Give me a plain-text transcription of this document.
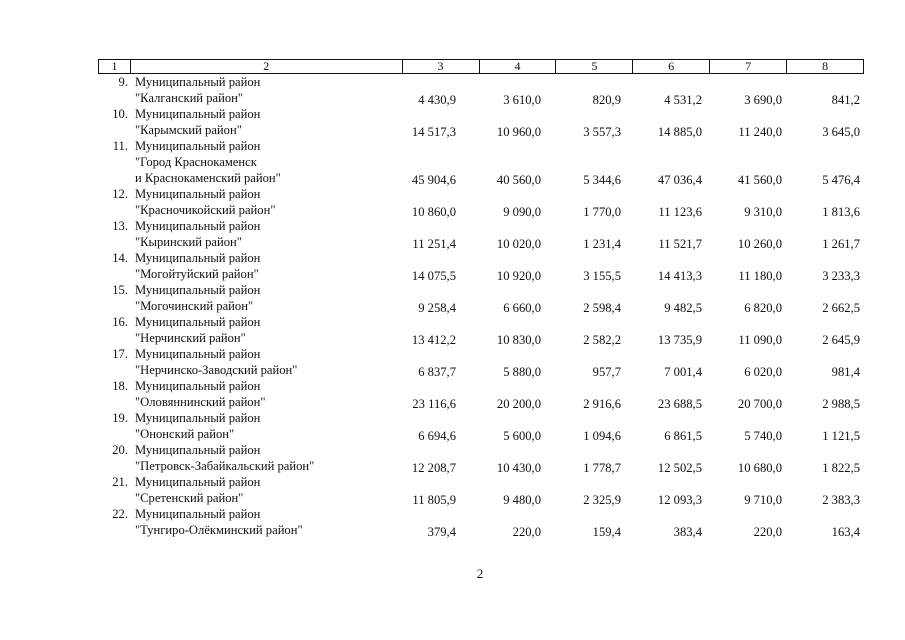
1	2	3	4	5	6	7	8
9. Муниципальный район
"Калганский район"	4 430,9	3 610,0	820,9	4 531,2	3 690,0	841,2
10. Муниципальный район
"Карымский район"	14 517,3	10 960,0	3 557,3	14 885,0	11 240,0	3 645,0
11. Муниципальный район
"Город Краснокаменск
и Краснокаменский район"	45 904,6	40 560,0	5 344,6	47 036,4	41 560,0	5 476,4
12. Муниципальный район
"Красночикойский район"	10 860,0	9 090,0	1 770,0	11 123,6	9 310,0	1 813,6
13. Муниципальный район
"Кыринский район"	11 251,4	10 020,0	1 231,4	11 521,7	10 260,0	1 261,7
14. Муниципальный район
"Могойтуйский район"	14 075,5	10 920,0	3 155,5	14 413,3	11 180,0	3 233,3
15. Муниципальный район
"Могочинский район"	9 258,4	6 660,0	2 598,4	9 482,5	6 820,0	2 662,5
16. Муниципальный район
"Нерчинский район"	13 412,2	10 830,0	2 582,2	13 735,9	11 090,0	2 645,9
17. Муниципальный район
"Нерчинско-Заводский район"	6 837,7	5 880,0	957,7	7 001,4	6 020,0	981,4
18. Муниципальный район
"Оловяннинский район"	23 116,6	20 200,0	2 916,6	23 688,5	20 700,0	2 988,5
19. Муниципальный район
"Ононский район"	6 694,6	5 600,0	1 094,6	6 861,5	5 740,0	1 121,5
20. Муниципальный район
"Петровск-Забайкальский район"	12 208,7	10 430,0	1 778,7	12 502,5	10 680,0	1 822,5
21. Муниципальный район
"Сретенский район"	11 805,9	9 480,0	2 325,9	12 093,3	9 710,0	2 383,3
22. Муниципальный район
"Тунгиро-Олёкминский район"	379,4	220,0	159,4	383,4	220,0	163,4
2
